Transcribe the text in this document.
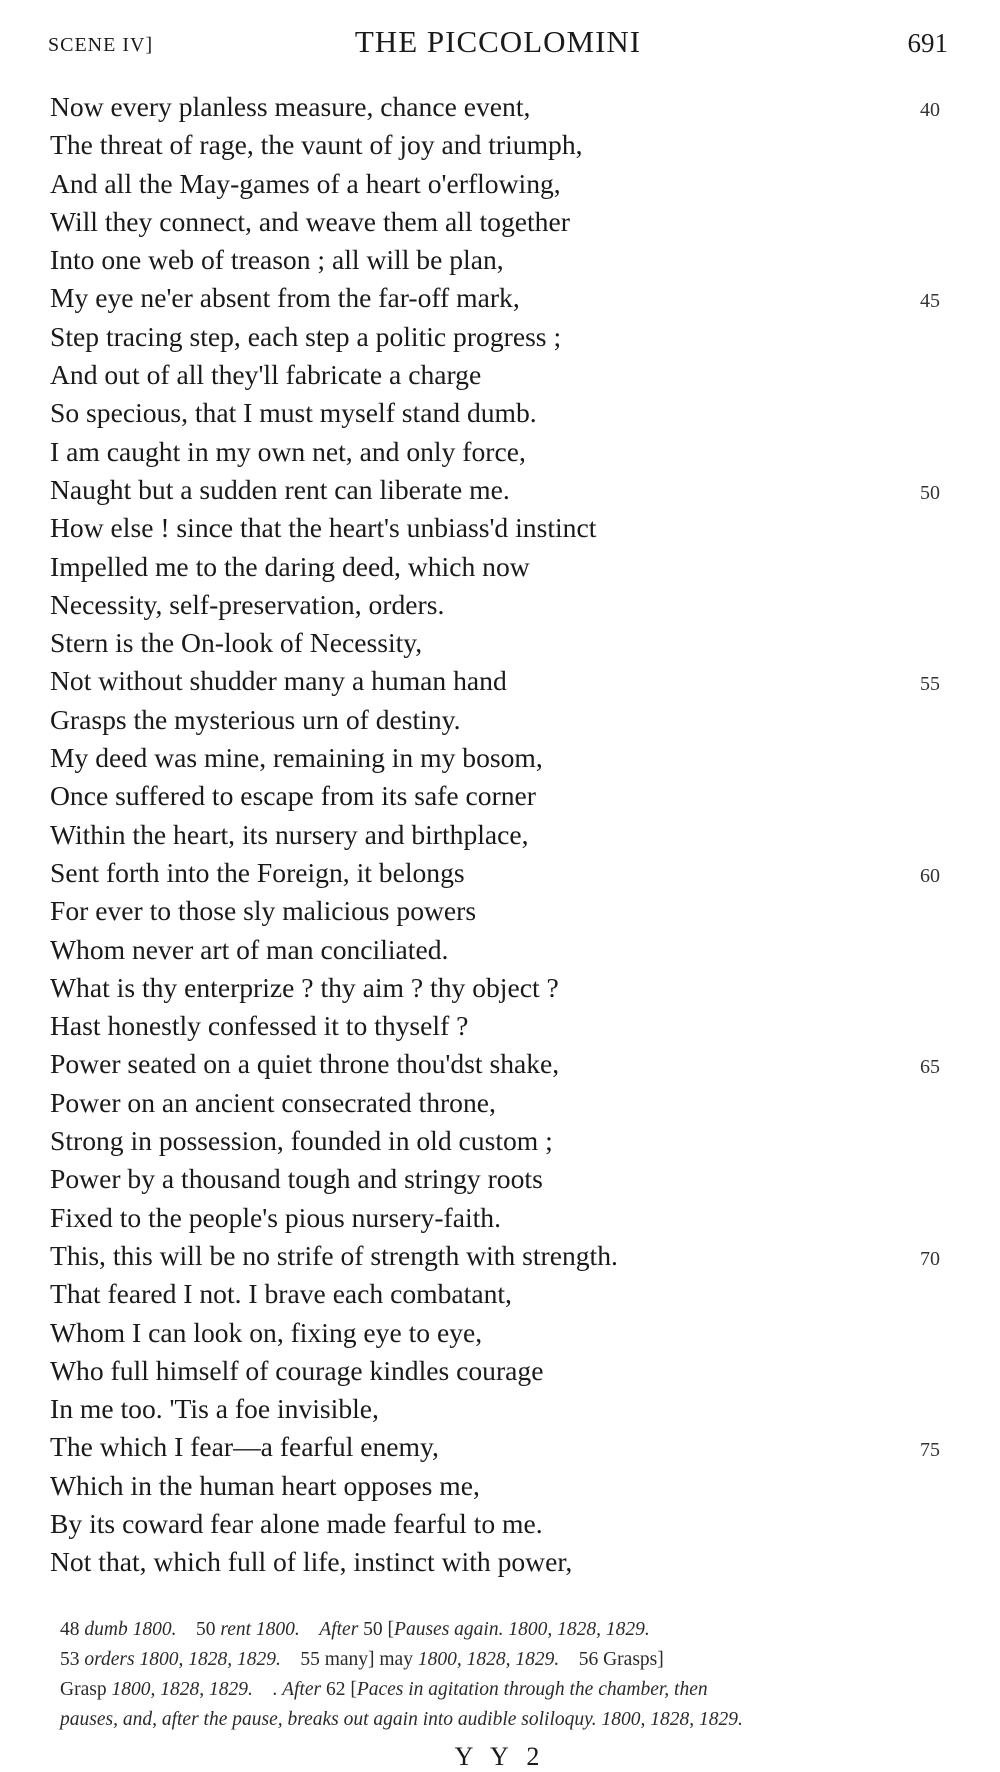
SCENE IV]	THE PICCOLOMINI	691
Now every planless measure, chance event,	40
The threat of rage, the vaunt of joy and triumph,
And all the May-games of a heart o'erflowing,
Will they connect, and weave them all together
Into one web of treason ; all will be plan,
My eye ne'er absent from the far-off mark,	45
Step tracing step, each step a politic progress ;
And out of all they'll fabricate a charge
So specious, that I must myself stand dumb.
I am caught in my own net, and only force,
Naught but a sudden rent can liberate me.	50
How else ! since that the heart's unbiass'd instinct
Impelled me to the daring deed, which now
Necessity, self-preservation, orders.
Stern is the On-look of Necessity,
Not without shudder many a human hand	55
Grasps the mysterious urn of destiny.
My deed was mine, remaining in my bosom,
Once suffered to escape from its safe corner
Within the heart, its nursery and birthplace,
Sent forth into the Foreign, it belongs	60
For ever to those sly malicious powers
Whom never art of man conciliated.
What is thy enterprize ? thy aim ? thy object ?
Hast honestly confessed it to thyself ?
Power seated on a quiet throne thou'dst shake,	65
Power on an ancient consecrated throne,
Strong in possession, founded in old custom ;
Power by a thousand tough and stringy roots
Fixed to the people's pious nursery-faith.
This, this will be no strife of strength with strength.	70
That feared I not. I brave each combatant,
Whom I can look on, fixing eye to eye,
Who full himself of courage kindles courage
In me too. 'Tis a foe invisible,
The which I fear—a fearful enemy,	75
Which in the human heart opposes me,
By its coward fear alone made fearful to me.
Not that, which full of life, instinct with power,
48 dumb 1800.    50 rent 1800. After 50 [Pauses again. 1800, 1828, 1829.
53 orders 1800, 1828, 1829.    55 many] may 1800, 1828, 1829.    56 Grasps]
Grasp 1800, 1828, 1829.    . After 62 [Paces in agitation through the chamber, then
pauses, and, after the pause, breaks out again into audible soliloquy. 1800, 1828, 1829.
Y Y 2
